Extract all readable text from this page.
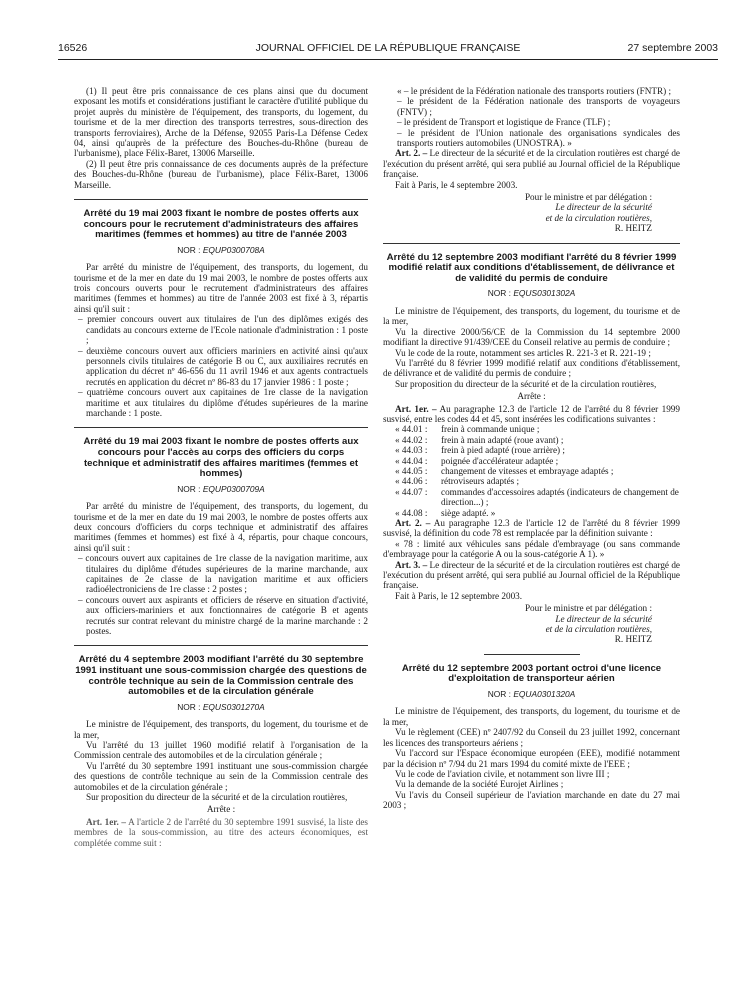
16526	JOURNAL OFFICIEL DE LA RÉPUBLIQUE FRANÇAISE	27 septembre 2003

(1) Il peut être pris connaissance de ces plans ainsi que du document exposant les motifs et considérations justifiant le caractère d'utilité publique du projet auprès du ministère de l'équipement, des transports, du logement, du tourisme et de la mer direction des transports terrestres, sous-direction des transports ferroviaires), Arche de la Défense, 92055 Paris-La Défense Cedex 04, ainsi qu'auprès de la préfecture des Bouches-du-Rhône (bureau de l'urbanisme), place Félix-Baret, 13006 Marseille.

(2) Il peut être pris connaissance de ces documents auprès de la préfecture des Bouches-du-Rhône (bureau de l'urbanisme), place Félix-Baret, 13006 Marseille.

Arrêté du 19 mai 2003 fixant le nombre de postes offerts aux concours pour le recrutement d'administrateurs des affaires maritimes (femmes et hommes) au titre de l'année 2003
NOR : EQUP0300708A

Par arrêté du ministre de l'équipement, des transports, du logement, du tourisme et de la mer en date du 19 mai 2003, le nombre de postes offerts aux trois concours ouverts pour le recrutement d'administrateurs des affaires maritimes (femmes et hommes) au titre de l'année 2003 est fixé à 3, répartis ainsi qu'il suit :

– premier concours ouvert aux titulaires de l'un des diplômes exigés des candidats au concours externe de l'Ecole nationale d'administration : 1 poste ;

– deuxième concours ouvert aux officiers mariniers en activité ainsi qu'aux personnels civils titulaires de catégorie B ou C, aux auxiliaires recrutés en application du décret nº 46-656 du 11 avril 1946 et aux agents contractuels recrutés en application du décret nº 86-83 du 17 janvier 1986 : 1 poste ;

– quatrième concours ouvert aux capitaines de 1re classe de la navigation maritime et aux titulaires du diplôme d'études supérieures de la marine marchande : 1 poste.

Arrêté du 19 mai 2003 fixant le nombre de postes offerts aux concours pour l'accès au corps des officiers du corps technique et administratif des affaires maritimes (femmes et hommes)
NOR : EQUP0300709A

Par arrêté du ministre de l'équipement, des transports, du logement, du tourisme et de la mer en date du 19 mai 2003, le nombre de postes offerts aux deux concours d'officiers du corps technique et administratif des affaires maritimes (femmes et hommes) est fixé à 4, répartis, pour chaque concours, ainsi qu'il suit :

– concours ouvert aux capitaines de 1re classe de la navigation maritime, aux titulaires du diplôme d'études supérieures de la marine marchande, aux capitaines de 2e classe de la navigation maritime et aux officiers radioélectroniciens de 1re classe : 2 postes ;

– concours ouvert aux aspirants et officiers de réserve en situation d'activité, aux officiers-mariniers et aux fonctionnaires de catégorie B et agents recrutés sur contrat relevant du ministre chargé de la marine marchande : 2 postes.

Arrêté du 4 septembre 2003 modifiant l'arrêté du 30 septembre 1991 instituant une sous-commission chargée des questions de contrôle technique au sein de la Commission centrale des automobiles et de la circulation générale
NOR : EQUS0301270A

Le ministre de l'équipement, des transports, du logement, du tourisme et de la mer,

Vu l'arrêté du 13 juillet 1960 modifié relatif à l'organisation de la Commission centrale des automobiles et de la circulation générale ;

Vu l'arrêté du 30 septembre 1991 instituant une sous-commission chargée des questions de contrôle technique au sein de la Commission centrale des automobiles et de la circulation générale ;

Sur proposition du directeur de la sécurité et de la circulation routières,

Arrête :

Art. 1er. – A l'article 2 de l'arrêté du 30 septembre 1991 susvisé, la liste des membres de la sous-commission, au titre des acteurs économiques, est complétée comme suit :

« – le président de la Fédération nationale des transports routiers (FNTR) ;

– le président de la Fédération nationale des transports de voyageurs (FNTV) ;

– le président de Transport et logistique de France (TLF) ;

– le président de l'Union nationale des organisations syndicales des transports routiers automobiles (UNOSTRA). »

Art. 2. – Le directeur de la sécurité et de la circulation routières est chargé de l'exécution du présent arrêté, qui sera publié au Journal officiel de la République française.

Fait à Paris, le 4 septembre 2003.

Pour le ministre et par délégation :
Le directeur de la sécurité
et de la circulation routières,
R. HEITZ
Arrêté du 12 septembre 2003 modifiant l'arrêté du 8 février 1999 modifié relatif aux conditions d'établissement, de délivrance et de validité du permis de conduire
NOR : EQUS0301302A

Le ministre de l'équipement, des transports, du logement, du tourisme et de la mer,

Vu la directive 2000/56/CE de la Commission du 14 septembre 2000 modifiant la directive 91/439/CEE du Conseil relative au permis de conduire ;

Vu le code de la route, notamment ses articles R. 221-3 et R. 221-19 ;

Vu l'arrêté du 8 février 1999 modifié relatif aux conditions d'établissement, de délivrance et de validité du permis de conduire ;

Sur proposition du directeur de la sécurité et de la circulation routières,

Arrête :

Art. 1er. – Au paragraphe 12.3 de l'article 12 de l'arrêté du 8 février 1999 susvisé, entre les codes 44 et 45, sont insérées les codifications suivantes :

« 44.01 :	frein à commande unique ;
« 44.02 :	frein à main adapté (roue avant) ;
« 44.03 :	frein à pied adapté (roue arrière) ;
« 44.04 :	poignée d'accélérateur adaptée ;
« 44.05 :	changement de vitesses et embrayage adaptés ;
« 44.06 :	rétroviseurs adaptés ;
« 44.07 :	commandes d'accessoires adaptés (indicateurs de changement de direction...) ;
« 44.08 :	siège adapté. »

Art. 2. – Au paragraphe 12.3 de l'article 12 de l'arrêté du 8 février 1999 susvisé, la définition du code 78 est remplacée par la définition suivante :

« 78 : limité aux véhicules sans pédale d'embrayage (ou sans commande d'embrayage pour la catégorie A ou la sous-catégorie A 1). »

Art. 3. – Le directeur de la sécurité et de la circulation routières est chargé de l'exécution du présent arrêté, qui sera publié au Journal officiel de la République française.

Fait à Paris, le 12 septembre 2003.

Pour le ministre et par délégation :
Le directeur de la sécurité
et de la circulation routières,
R. HEITZ
Arrêté du 12 septembre 2003 portant octroi d'une licence d'exploitation de transporteur aérien
NOR : EQUA0301320A

Le ministre de l'équipement, des transports, du logement, du tourisme et de la mer,

Vu le règlement (CEE) nº 2407/92 du Conseil du 23 juillet 1992, concernant les licences des transporteurs aériens ;

Vu l'accord sur l'Espace économique européen (EEE), modifié notamment par la décision nº 7/94 du 21 mars 1994 du comité mixte de l'EEE ;

Vu le code de l'aviation civile, et notamment son livre III ;

Vu la demande de la société Eurojet Airlines ;

Vu l'avis du Conseil supérieur de l'aviation marchande en date du 27 mai 2003 ;
